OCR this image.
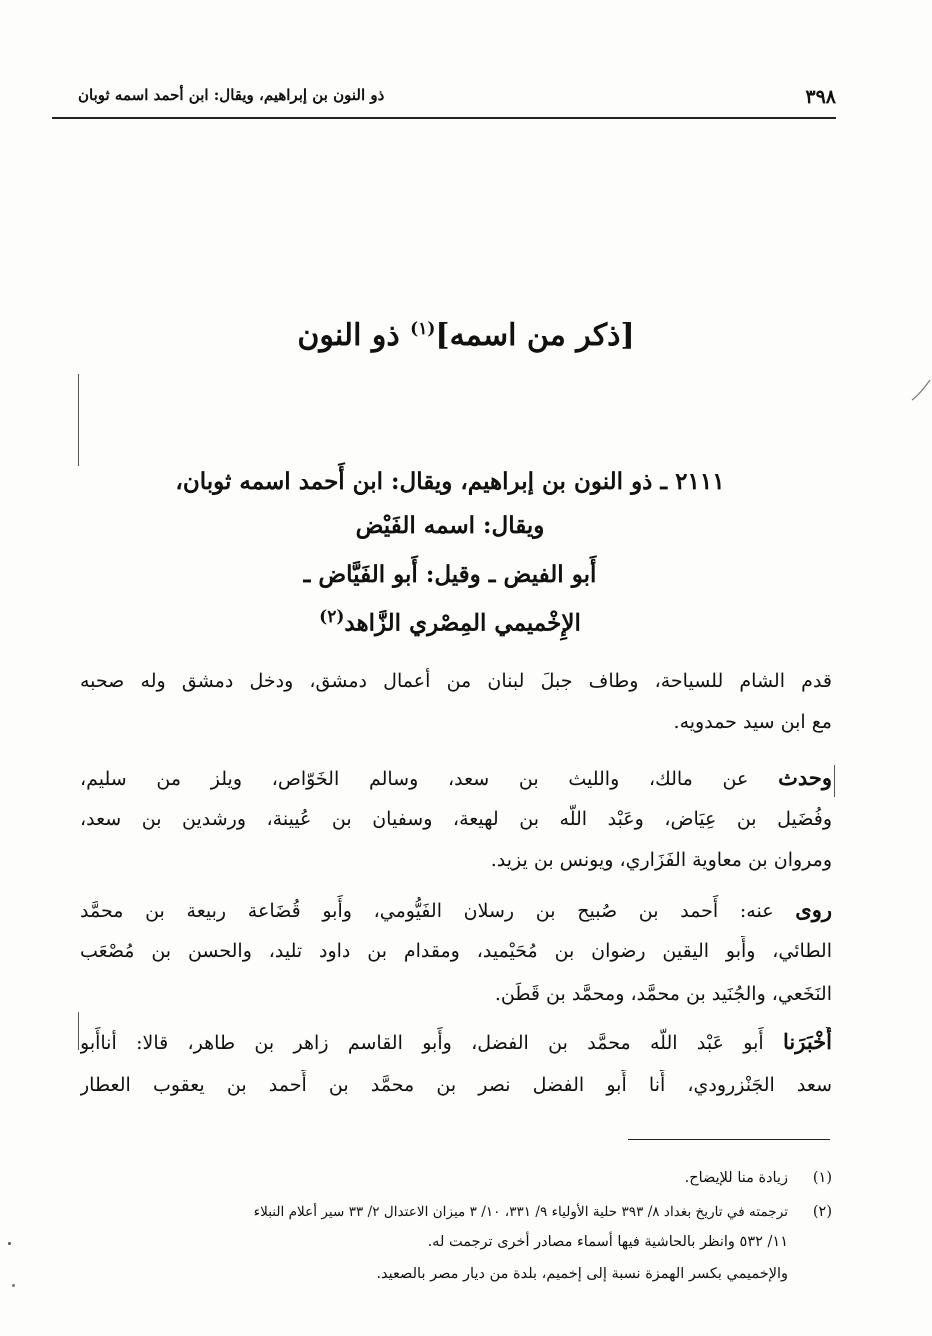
٣٩٨
ذو النون بن إبراهيم، ويقال: ابن أحمد اسمه ثوبان
[ذكر من اسمه]$^{(١)}$ ذو النون
٢١١١ ـ ذو النون بن إبراهيم، ويقال: ابن أَحمد اسمه ثوبان،
ويقال: اسمه الفَيْض
أَبو الفيض ـ وقيل: أَبو الفَيَّاض ـ
الإِخْميمي المِصْري الزَّاهد$^{(٢)}$
قدم الشام للسياحة، وطاف جبلَ لبنان من أعمال دمشق، ودخل دمشق وله صحبه
مع ابن سيد حمدويه.
وحدث عن مالك، والليث بن سعد، وسالم الخَوّاص، ويلز من سليم،
وفُضَيل بن عِيَاض، وعَبْد اللّه بن لهيعة، وسفيان بن عُيينة، ورشدين بن سعد،
ومروان بن معاوية الفَزَاري، ويونس بن يزيد.
روى عنه: أَحمد بن صُبيح بن رسلان الفَيُّومي، وأَبو قُضَاعة ربيعة بن محمَّد
الطائي، وأَبو اليقين رضوان بن مُحَيْميد، ومقدام بن داود تليد، والحسن بن مُصْعَب
النَخَعي، والجُنَيد بن محمَّد، ومحمَّد بن قَطَن.
أَخْبَرَنا أَبو عَبْد اللّه محمَّد بن الفضل، وأَبو القاسم زاهر بن طاهر، قالا: أناأَبو
سعد الجَنْزرودي، أَنا أَبو الفضل نصر بن محمَّد بن أَحمد بن يعقوب العطار
(١)
زيادة منا للإيضاح.
(٢)
ترجمته في تاريخ بغداد ٨/ ٣٩٣ حلية الأولياء ٩/ ٣٣١، ١٠/ ٣ ميزان الاعتدال ٢/ ٣٣ سير أعلام النبلاء
١١/ ٥٣٢ وانظر بالحاشية فيها أسماء مصادر أخرى ترجمت له.
والإخميمي بكسر الهمزة نسبة إلى إخميم، بلدة من ديار مصر بالصعيد.
